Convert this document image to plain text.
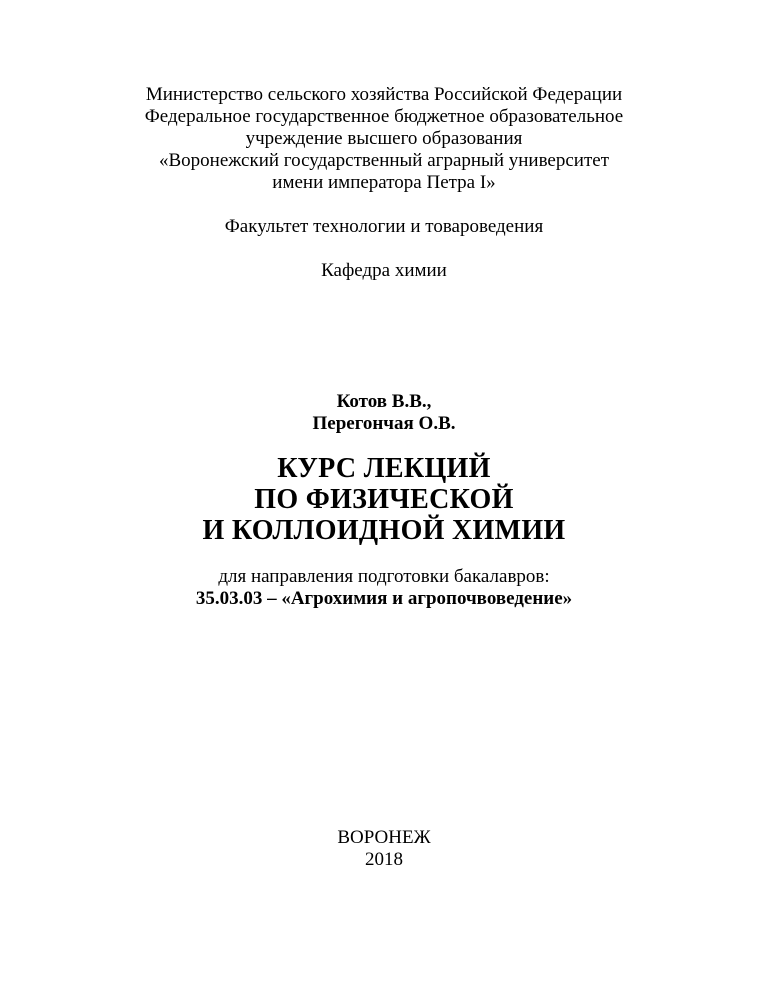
Министерство сельского хозяйства Российской Федерации
Федеральное государственное бюджетное образовательное
учреждение высшего образования
«Воронежский государственный аграрный университет
имени императора Петра I»
Факультет технологии и товароведения
Кафедра химии
Котов В.В.,
Перегончая О.В.
КУРС ЛЕКЦИЙ
ПО ФИЗИЧЕСКОЙ
И КОЛЛОИДНОЙ ХИМИИ
для направления подготовки бакалавров:
35.03.03 – «Агрохимия и агропочвоведение»
ВОРОНЕЖ
2018
